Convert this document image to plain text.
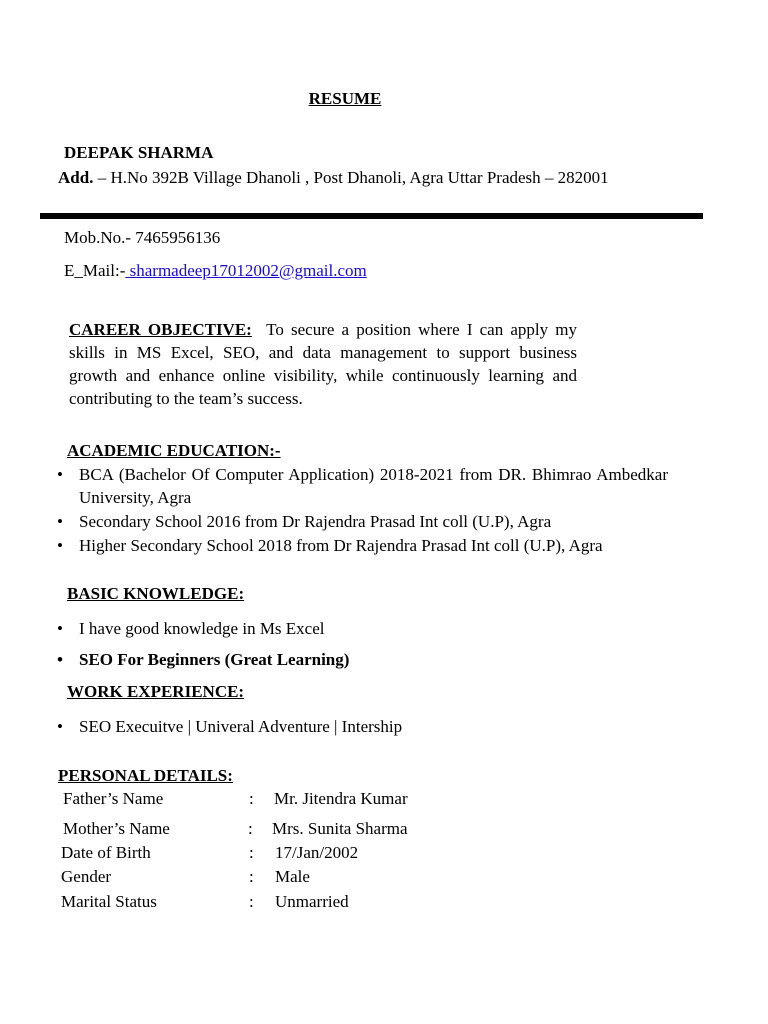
RESUME
DEEPAK SHARMA
Add. – H.No 392B Village Dhanoli , Post Dhanoli, Agra Uttar Pradesh – 282001
Mob.No.- 7465956136
E_Mail:- sharmadeep17012002@gmail.com
CAREER OBJECTIVE: To secure a position where I can apply my skills in MS Excel, SEO, and data management to support business growth and enhance online visibility, while continuously learning and contributing to the team’s success.
ACADEMIC EDUCATION:-
• BCA (Bachelor Of Computer Application) 2018-2021 from DR. Bhimrao Ambedkar University, Agra
• Secondary School 2016 from Dr Rajendra Prasad Int coll (U.P), Agra
• Higher Secondary School 2018 from Dr Rajendra Prasad Int coll (U.P), Agra
BASIC KNOWLEDGE:
• I have good knowledge in Ms Excel
• SEO For Beginners (Great Learning)
WORK EXPERIENCE:
• SEO Execuitve | Univeral Adventure | Intership
PERSONAL DETAILS:
Father’s Name	: Mr. Jitendra Kumar
Mother’s Name	: Mrs. Sunita Sharma
Date of Birth	: 17/Jan/2002
Gender	: Male
Marital Status	: Unmarried
